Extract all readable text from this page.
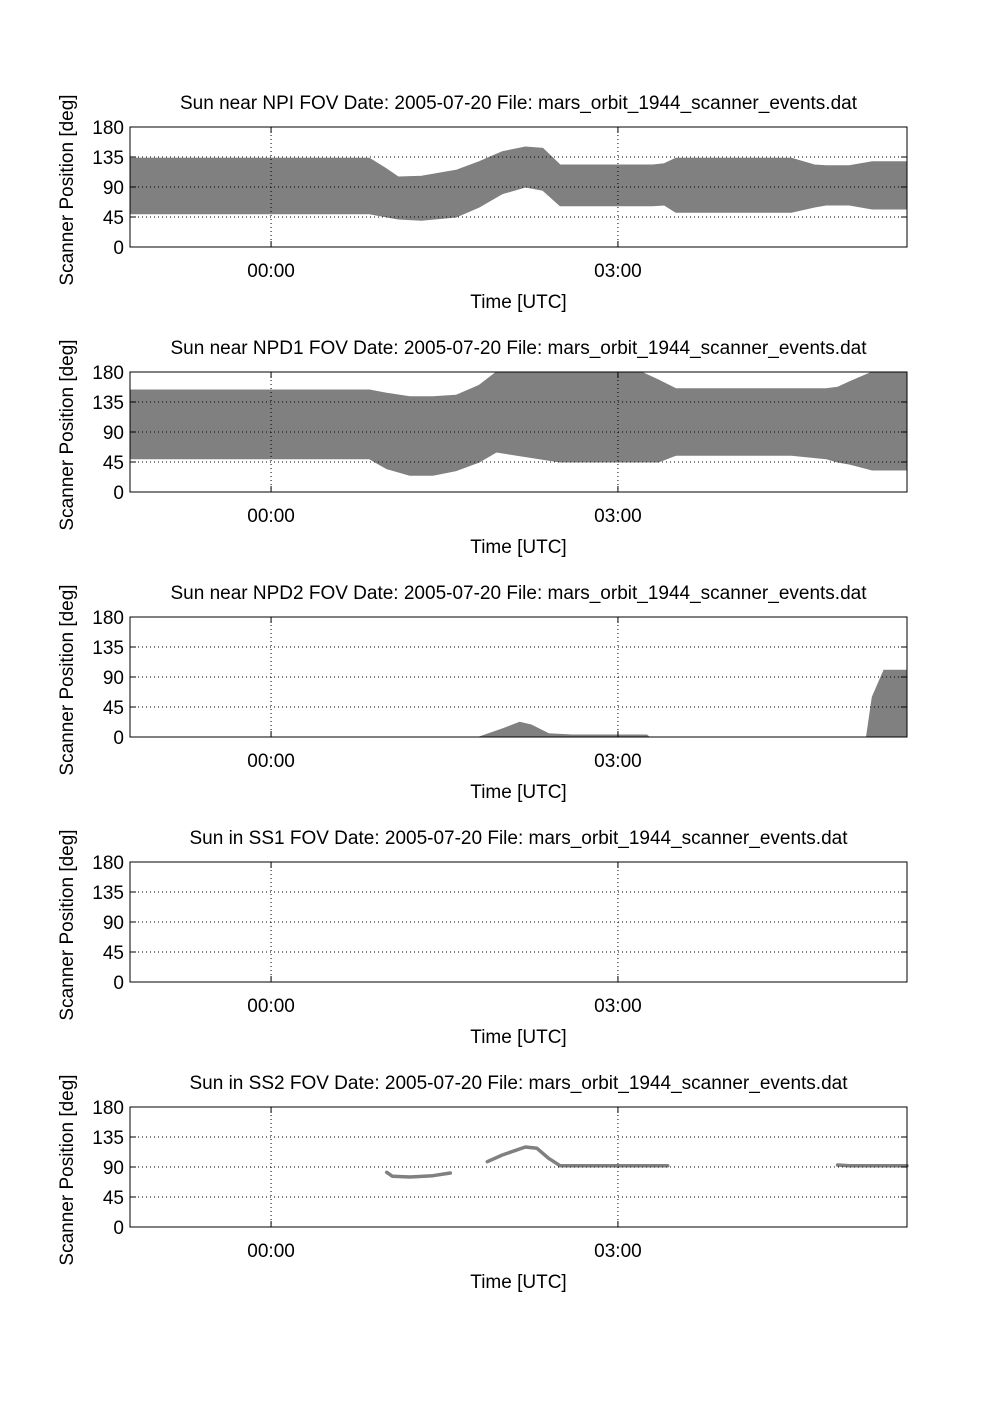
0
45
90
135
180
00:00	03:00
Sun near NPI FOV Date: 2005-07-20 File: mars_orbit_1944_scanner_events.dat
Time [UTC]
Scanner Position [deg]
0
45
90
135
180
00:00	03:00
Sun near NPD1 FOV Date: 2005-07-20 File: mars_orbit_1944_scanner_events.dat
Time [UTC]
Scanner Position [deg]
0
45
90
135
180
00:00	03:00
Sun near NPD2 FOV Date: 2005-07-20 File: mars_orbit_1944_scanner_events.dat
Time [UTC]
Scanner Position [deg]
0
45
90
135
180
00:00	03:00
Sun in SS1 FOV Date: 2005-07-20 File: mars_orbit_1944_scanner_events.dat
Time [UTC]
Scanner Position [deg]
0
45
90
135
180
00:00	03:00
Sun in SS2 FOV Date: 2005-07-20 File: mars_orbit_1944_scanner_events.dat
Time [UTC]
Scanner Position [deg]
